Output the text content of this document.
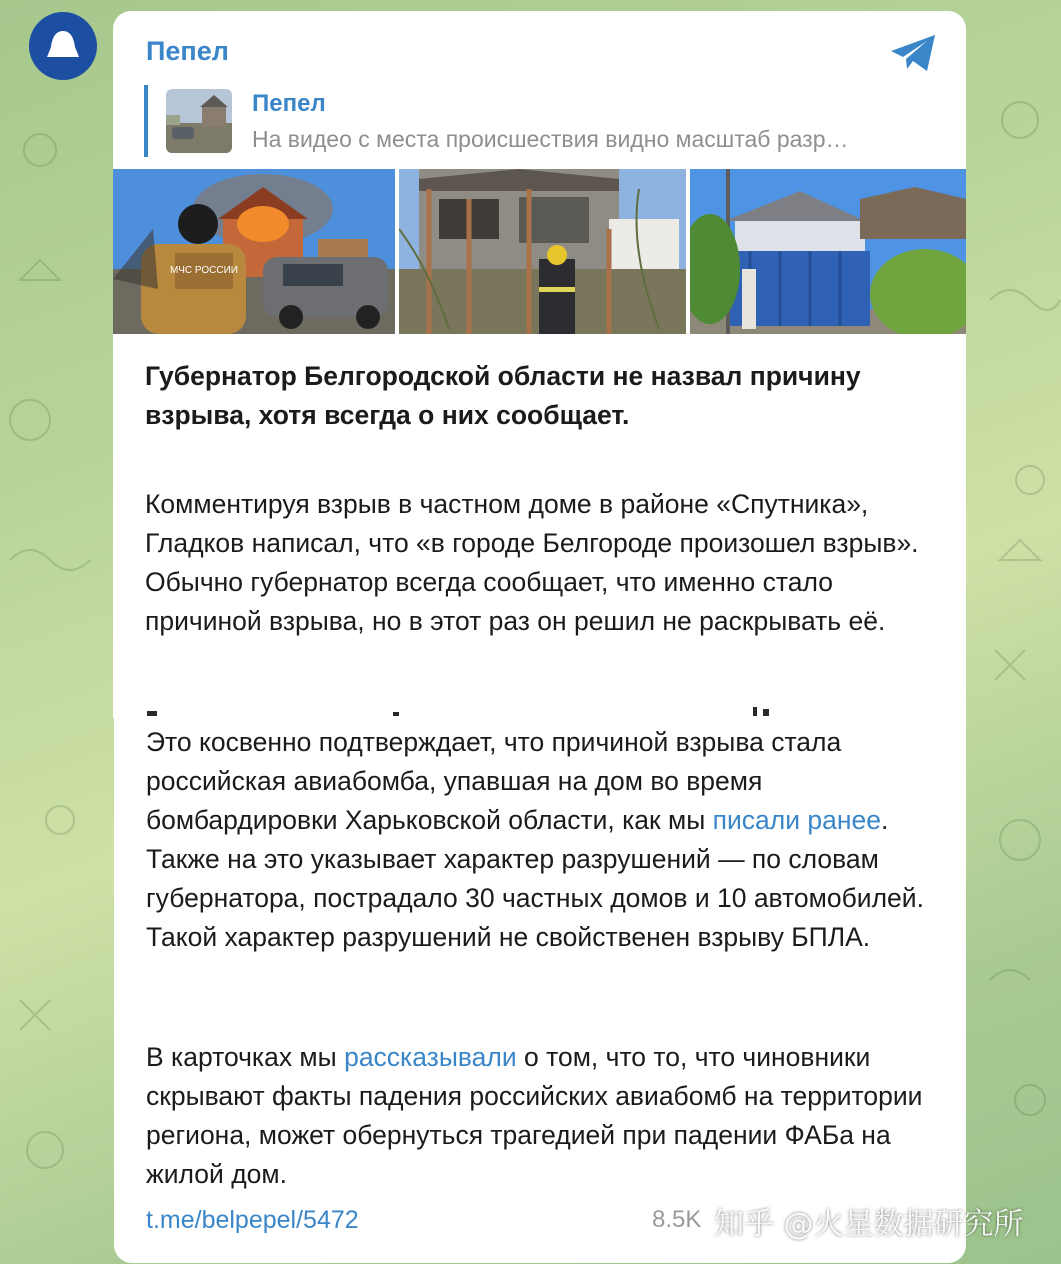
Пепел
Пепел
На видео с места происшествия видно масштаб разр…
МЧС РОССИИ
Губернатор Белгородской области не назвал причину взрыва, хотя всегда о них сообщает.
Комментируя взрыв в частном доме в районе «Спутника», Гладков написал, что «в городе Белгороде произошел взрыв». Обычно губернатор всегда сообщает, что именно стало причиной взрыва, но в этот раз он решил не раскрывать её.
Это косвенно подтверждает, что причиной взрыва стала российская авиабомба, упавшая на дом во время бомбардировки Харьковской области, как мы писали ранее. Также на это указывает характер разрушений — по словам губернатора, пострадало 30 частных домов и 10 автомобилей. Такой характер разрушений не свойственен взрыву БПЛА.
В карточках мы рассказывали о том, что то, что чиновники скрывают факты падения российских авиабомб на территории региона, может обернуться трагедией при падении ФАБа на жилой дом.
t.me/belpepel/5472	8.5K 知乎 @火星数据研究所
